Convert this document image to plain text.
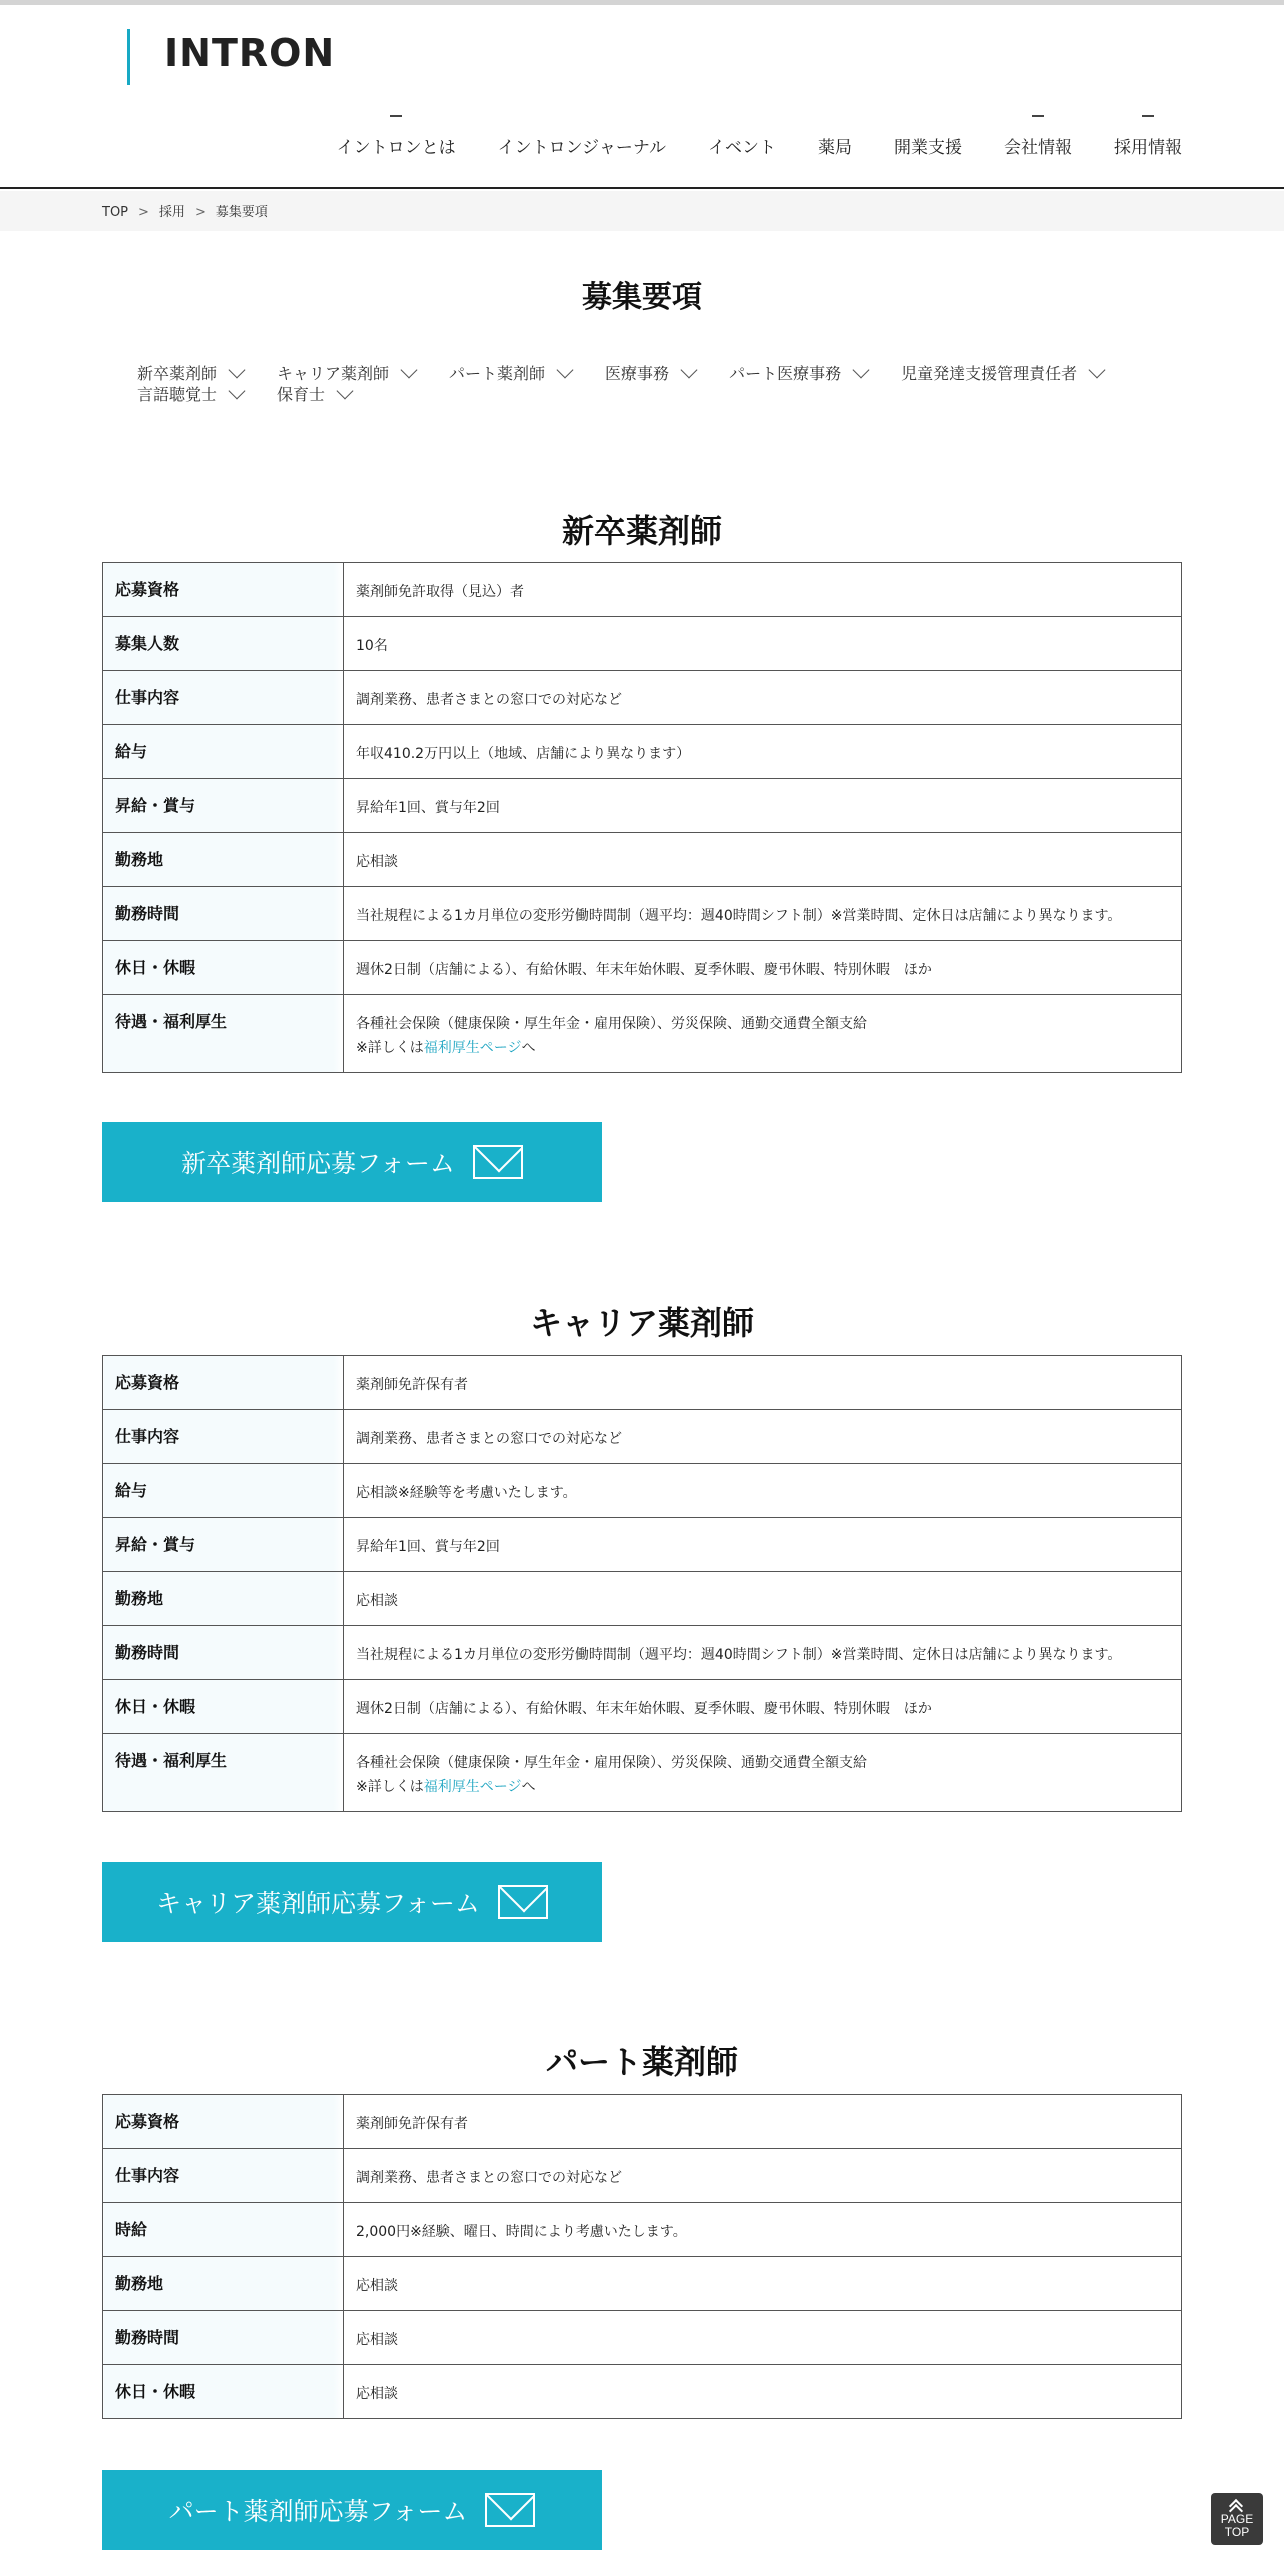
INTRON
イントロンとは イントロンジャーナル イベント 薬局 開業支援 会社情報 採用情報
TOP > 採用 > 募集要項
募集要項
新卒薬剤師	キャリア薬剤師	パート薬剤師	医療事務	パート医療事務	児童発達支援管理責任者
言語聴覚士	保育士
新卒薬剤師
応募資格	薬剤師免許取得（見込）者

募集人数	10名

仕事内容	調剤業務、患者さまとの窓口での対応など

給与	年収410.2万円以上（地域、店舗により異なります）

昇給・賞与	昇給年1回、賞与年2回

勤務地	応相談

勤務時間	当社規程による1カ月単位の変形労働時間制（週平均：週40時間シフト制）※営業時間、定休日は店舗により異なります。

休日・休暇	週休2日制（店舗による）、有給休暇、年末年始休暇、夏季休暇、慶弔休暇、特別休暇　ほか

待遇・福利厚生	各種社会保険（健康保険・厚生年金・雇用保険）、労災保険、通勤交通費全額支給
※詳しくは福利厚生ページへ
新卒薬剤師応募フォーム
キャリア薬剤師
応募資格	薬剤師免許保有者

仕事内容	調剤業務、患者さまとの窓口での対応など

給与	応相談※経験等を考慮いたします。

昇給・賞与	昇給年1回、賞与年2回

勤務地	応相談

勤務時間	当社規程による1カ月単位の変形労働時間制（週平均：週40時間シフト制）※営業時間、定休日は店舗により異なります。

休日・休暇	週休2日制（店舗による）、有給休暇、年末年始休暇、夏季休暇、慶弔休暇、特別休暇　ほか

待遇・福利厚生	各種社会保険（健康保険・厚生年金・雇用保険）、労災保険、通勤交通費全額支給
※詳しくは福利厚生ページへ
キャリア薬剤師応募フォーム
パート薬剤師
応募資格	薬剤師免許保有者

仕事内容	調剤業務、患者さまとの窓口での対応など

時給	2,000円※経験、曜日、時間により考慮いたします。

勤務地	応相談

勤務時間	応相談

休日・休暇	応相談
パート薬剤師応募フォーム	PAGE
TOP
